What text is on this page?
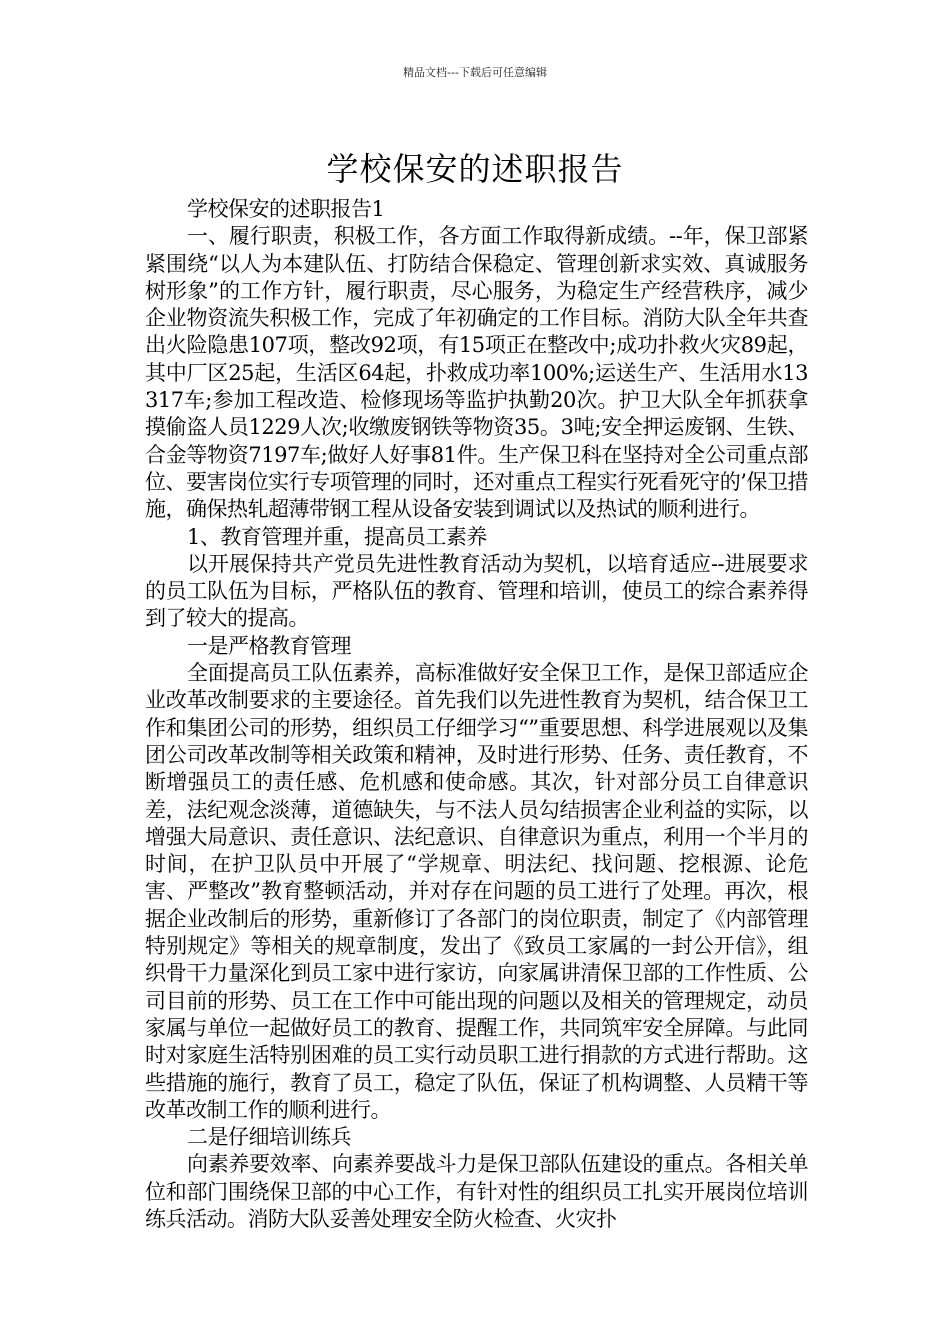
精品文档---下载后可任意编辑
学校保安的述职报告

学校保安的述职报告1

一、履行职责，积极工作，各方面工作取得新成绩。--年，保卫部紧紧围绕“以人为本建队伍、打防结合保稳定、管理创新求实效、真诚服务树形象”的工作方针，履行职责，尽心服务，为稳定生产经营秩序，减少企业物资流失积极工作，完成了年初确定的工作目标。消防大队全年共查出火险隐患107项，整改92项，有15项正在整改中;成功扑救火灾89起，其中厂区25起，生活区64起，扑救成功率100%;运送生产、生活用水13317车;参加工程改造、检修现场等监护执勤20次。护卫大队全年抓获拿摸偷盗人员1229人次;收缴废钢铁等物资35。3吨;安全押运废钢、生铁、合金等物资7197车;做好人好事81件。生产保卫科在坚持对全公司重点部位、要害岗位实行专项管理的同时，还对重点工程实行死看死守的’保卫措施，确保热轧超薄带钢工程从设备安装到调试以及热试的顺利进行。

1、教育管理并重，提高员工素养

以开展保持共产党员先进性教育活动为契机，以培育适应--进展要求的员工队伍为目标，严格队伍的教育、管理和培训，使员工的综合素养得到了较大的提高。

一是严格教育管理

全面提高员工队伍素养，高标准做好安全保卫工作，是保卫部适应企业改革改制要求的主要途径。首先我们以先进性教育为契机，结合保卫工作和集团公司的形势，组织员工仔细学习“”重要思想、科学进展观以及集团公司改革改制等相关政策和精神，及时进行形势、任务、责任教育，不断增强员工的责任感、危机感和使命感。其次，针对部分员工自律意识差，法纪观念淡薄，道德缺失，与不法人员勾结损害企业利益的实际，以增强大局意识、责任意识、法纪意识、自律意识为重点，利用一个半月的时间，在护卫队员中开展了“学规章、明法纪、找问题、挖根源、论危害、严整改”教育整顿活动，并对存在问题的员工进行了处理。再次，根据企业改制后的形势，重新修订了各部门的岗位职责，制定了《内部管理特别规定》等相关的规章制度，发出了《致员工家属的一封公开信》，组织骨干力量深化到员工家中进行家访，向家属讲清保卫部的工作性质、公司目前的形势、员工在工作中可能出现的问题以及相关的管理规定，动员家属与单位一起做好员工的教育、提醒工作，共同筑牢安全屏障。与此同时对家庭生活特别困难的员工实行动员职工进行捐款的方式进行帮助。这些措施的施行，教育了员工，稳定了队伍，保证了机构调整、人员精干等改革改制工作的顺利进行。

二是仔细培训练兵

向素养要效率、向素养要战斗力是保卫部队伍建设的重点。各相关单位和部门围绕保卫部的中心工作，有针对性的组织员工扎实开展岗位培训练兵活动。消防大队妥善处理安全防火检查、火灾扑
